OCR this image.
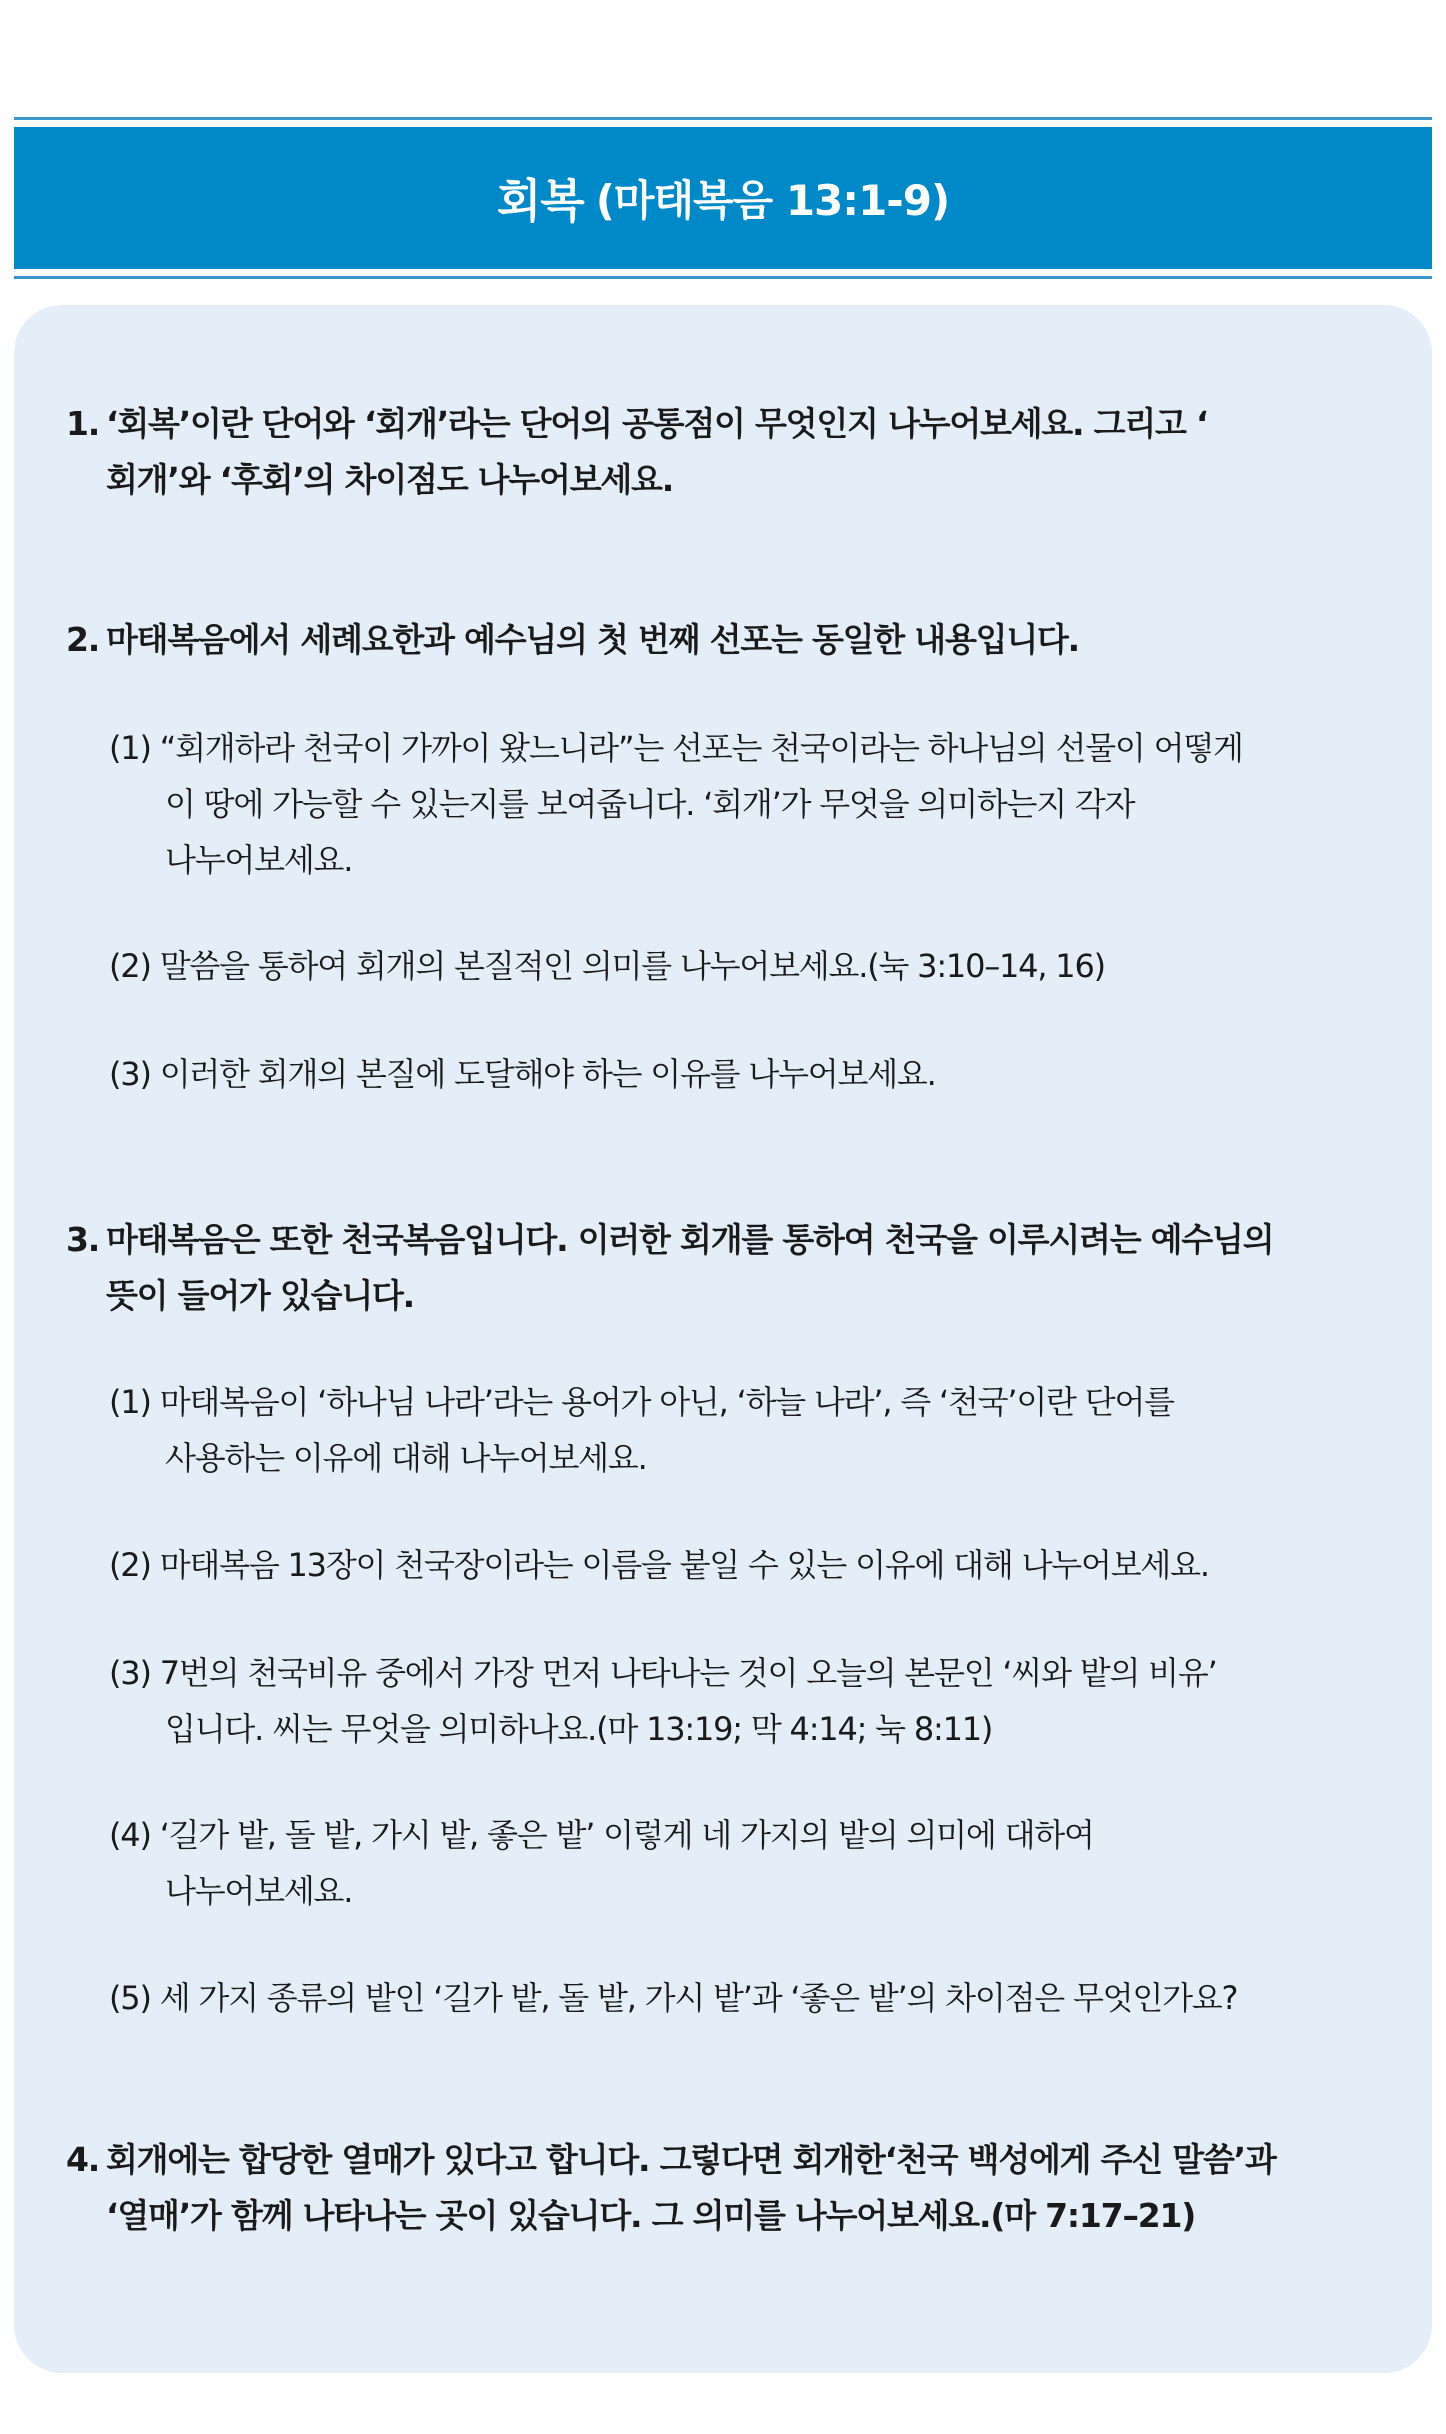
회복 (마태복음 13:1-9)
1. ‘회복’이란 단어와 ‘회개’라는 단어의 공통점이 무엇인지 나누어보세요. 그리고 ‘
회개’와 ‘후회’의 차이점도 나누어보세요.
2. 마태복음에서 세례요한과 예수님의 첫 번째 선포는 동일한 내용입니다.
(1) “회개하라 천국이 가까이 왔느니라”는 선포는 천국이라는 하나님의 선물이 어떻게
이 땅에 가능할 수 있는지를 보여줍니다. ‘회개’가 무엇을 의미하는지 각자
나누어보세요.
(2) 말씀을 통하여 회개의 본질적인 의미를 나누어보세요.(눅 3:10–14, 16)
(3) 이러한 회개의 본질에 도달해야 하는 이유를 나누어보세요.
3. 마태복음은 또한 천국복음입니다. 이러한 회개를 통하여 천국을 이루시려는 예수님의
뜻이 들어가 있습니다.
(1) 마태복음이 ‘하나님 나라’라는 용어가 아닌, ‘하늘 나라’, 즉 ‘천국’이란 단어를
사용하는 이유에 대해 나누어보세요.
(2) 마태복음 13장이 천국장이라는 이름을 붙일 수 있는 이유에 대해 나누어보세요.
(3) 7번의 천국비유 중에서 가장 먼저 나타나는 것이 오늘의 본문인 ‘씨와 밭의 비유’
입니다. 씨는 무엇을 의미하나요.(마 13:19; 막 4:14; 눅 8:11)
(4) ‘길가 밭, 돌 밭, 가시 밭, 좋은 밭’ 이렇게 네 가지의 밭의 의미에 대하여
나누어보세요.
(5) 세 가지 종류의 밭인 ‘길가 밭, 돌 밭, 가시 밭’과 ‘좋은 밭’의 차이점은 무엇인가요?
4. 회개에는 합당한 열매가 있다고 합니다. 그렇다면 회개한‘천국 백성에게 주신 말씀’과
‘열매’가 함께 나타나는 곳이 있습니다. 그 의미를 나누어보세요.(마 7:17–21)
